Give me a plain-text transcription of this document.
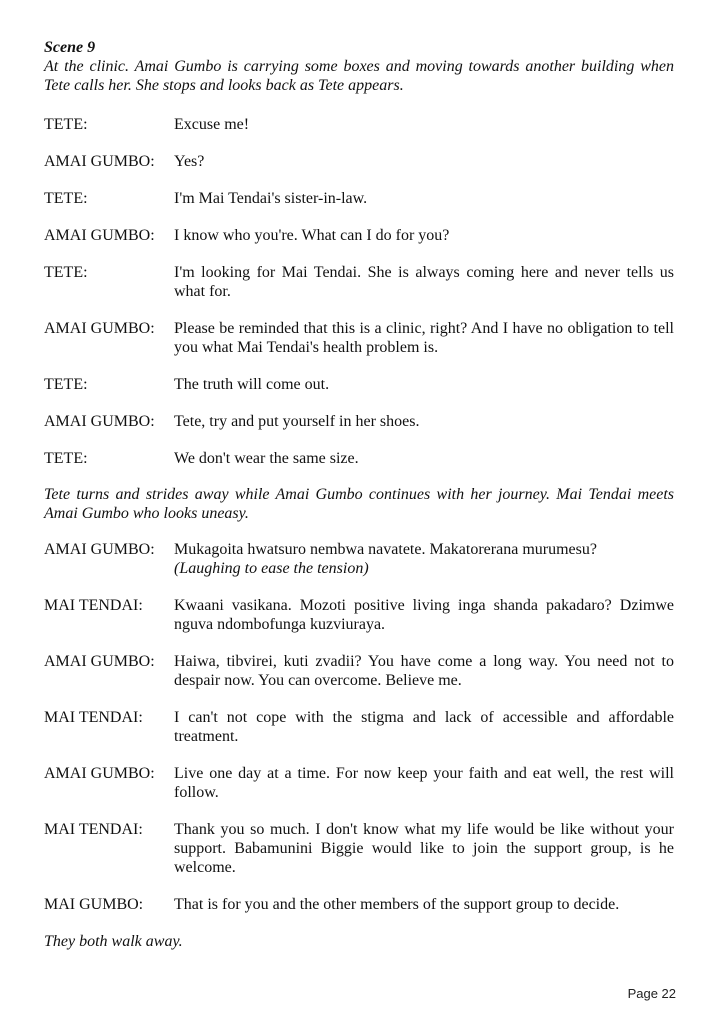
Scene 9

At the clinic. Amai Gumbo is carrying some boxes and moving towards another building when Tete calls her. She stops and looks back as Tete appears.

TETE:	Excuse me!
AMAI GUMBO:	Yes?
TETE:	I'm Mai Tendai's sister-in-law.
AMAI GUMBO:	I know who you're. What can I do for you?
TETE:	I'm looking for Mai Tendai. She is always coming here and never tells us what for.
AMAI GUMBO:	Please be reminded that this is a clinic, right? And I have no obligation to tell you what Mai Tendai's health problem is.
TETE:	The truth will come out.
AMAI GUMBO:	Tete, try and put yourself in her shoes.
TETE:	We don't wear the same size.

Tete turns and strides away while Amai Gumbo continues with her journey. Mai Tendai meets Amai Gumbo who looks uneasy.

AMAI GUMBO:	Mukagoita hwatsuro nembwa navatete. Makatorerana murumesu?
(Laughing to ease the tension)
MAI TENDAI:	Kwaani vasikana. Mozoti positive living inga shanda pakadaro? Dzimwe nguva ndombofunga kuzviuraya.
AMAI GUMBO:	Haiwa, tibvirei, kuti zvadii? You have come a long way. You need not to despair now. You can overcome. Believe me.
MAI TENDAI:	I can't not cope with the stigma and lack of accessible and affordable treatment.
AMAI GUMBO:	Live one day at a time. For now keep your faith and eat well, the rest will follow.
MAI TENDAI:	Thank you so much. I don't know what my life would be like without your support. Babamunini Biggie would like to join the support group, is he welcome.
MAI GUMBO:	That is for you and the other members of the support group to decide.

They both walk away.

Page 22
